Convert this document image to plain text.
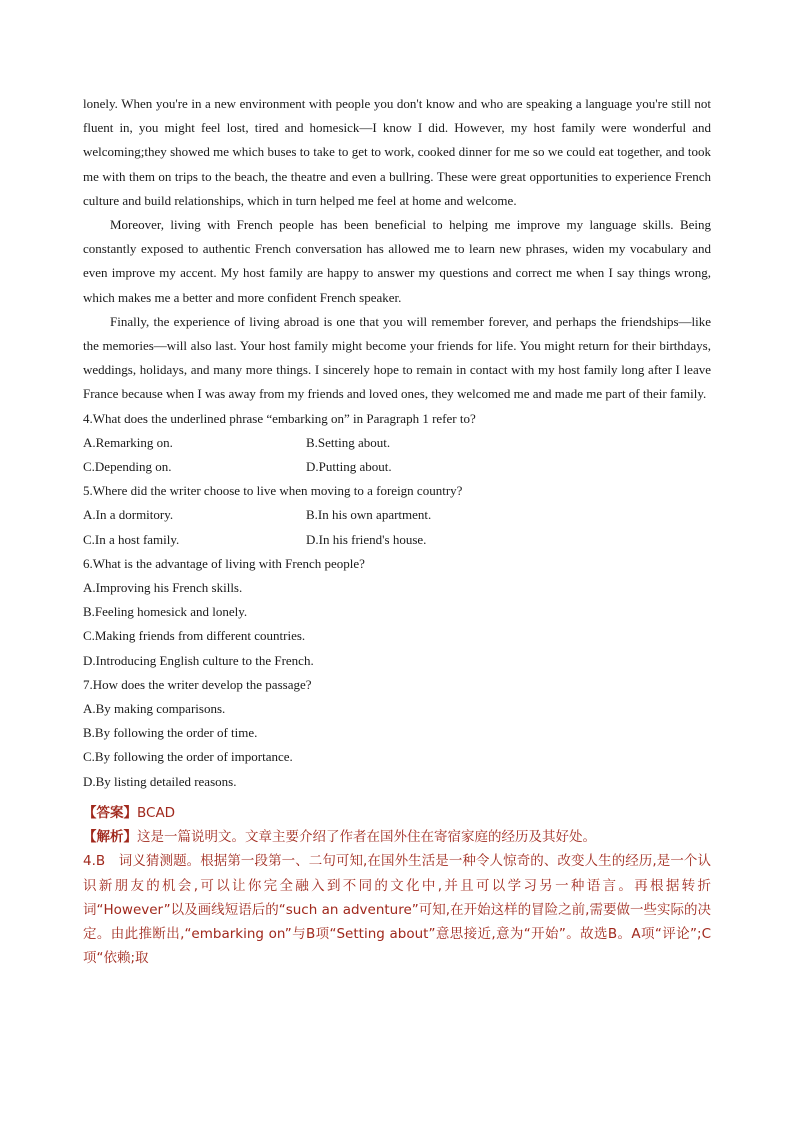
lonely. When you're in a new environment with people you don't know and who are speaking a language you're still not fluent in, you might feel lost, tired and homesick—I know I did. However, my host family were wonderful and welcoming;they showed me which buses to take to get to work, cooked dinner for me so we could eat together, and took me with them on trips to the beach, the theatre and even a bullring. These were great opportunities to experience French culture and build relationships, which in turn helped me feel at home and welcome.

Moreover, living with French people has been beneficial to helping me improve my language skills. Being constantly exposed to authentic French conversation has allowed me to learn new phrases, widen my vocabulary and even improve my accent. My host family are happy to answer my questions and correct me when I say things wrong, which makes me a better and more confident French speaker.

Finally, the experience of living abroad is one that you will remember forever, and perhaps the friendships—like the memories—will also last. Your host family might become your friends for life. You might return for their birthdays, weddings, holidays, and many more things. I sincerely hope to remain in contact with my host family long after I leave France because when I was away from my friends and loved ones, they welcomed me and made me part of their family.

4.What does the underlined phrase “embarking on” in Paragraph 1 refer to?

A.Remarking on.	B.Setting about.
C.Depending on.	D.Putting about.

5.Where did the writer choose to live when moving to a foreign country?

A.In a dormitory.	B.In his own apartment.
C.In a host family.	D.In his friend's house.

6.What is the advantage of living with French people?

A.Improving his French skills.

B.Feeling homesick and lonely.

C.Making friends from different countries.

D.Introducing English culture to the French.

7.How does the writer develop the passage?

A.By making comparisons.

B.By following the order of time.

C.By following the order of importance.

D.By listing detailed reasons.

【答案】BCAD

【解析】这是一篇说明文。文章主要介绍了作者在国外住在寄宿家庭的经历及其好处。

4.B　词义猜测题。根据第一段第一、二句可知,在国外生活是一种令人惊奇的、改变人生的经历,是一个认识新朋友的机会,可以让你完全融入到不同的文化中,并且可以学习另一种语言。再根据转折词“However”以及画线短语后的“such an adventure”可知,在开始这样的冒险之前,需要做一些实际的决定。由此推断出,“embarking on”与B项“Setting about”意思接近,意为“开始”。故选B。A项“评论”;C项“依赖;取
